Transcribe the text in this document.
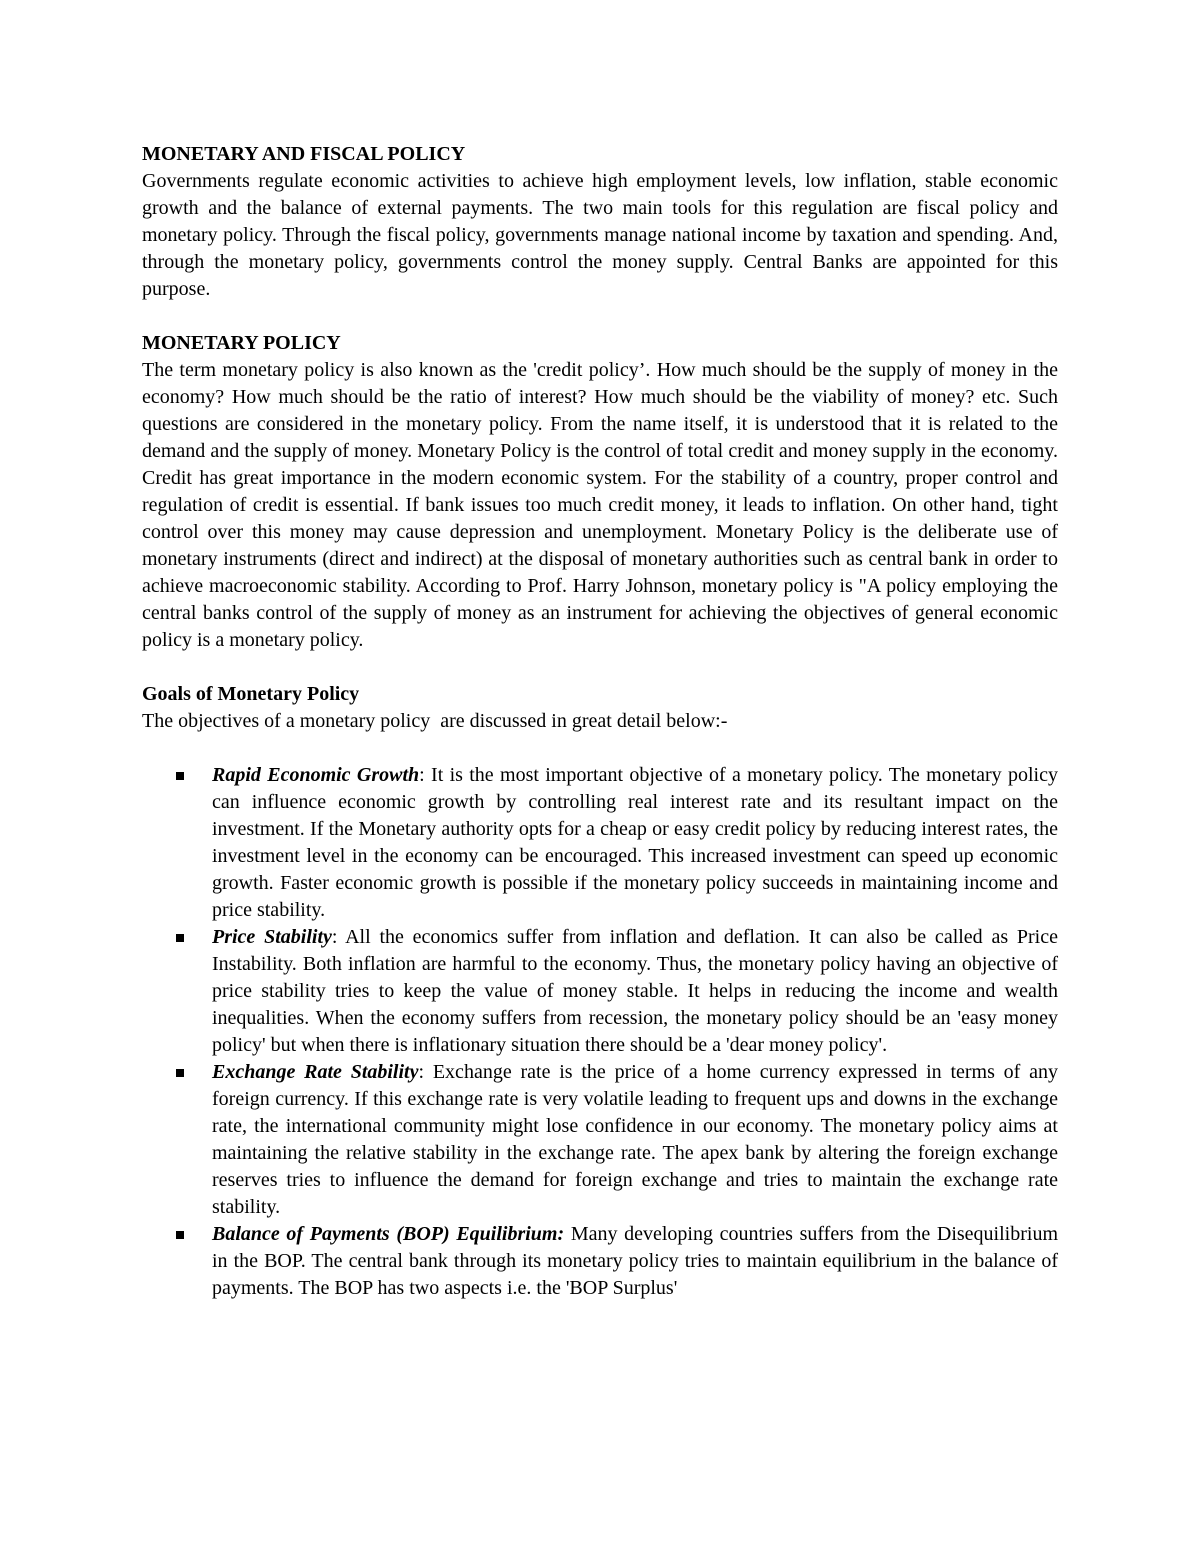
MONETARY AND FISCAL POLICY

Governments regulate economic activities to achieve high employment levels, low inflation, stable economic growth and the balance of external payments. The two main tools for this regulation are fiscal policy and monetary policy. Through the fiscal policy, governments manage national income by taxation and spending. And, through the monetary policy, governments control the money supply. Central Banks are appointed for this purpose.

MONETARY POLICY

The term monetary policy is also known as the 'credit policy’. How much should be the supply of money in the economy? How much should be the ratio of interest? How much should be the viability of money? etc. Such questions are considered in the monetary policy. From the name itself, it is understood that it is related to the demand and the supply of money. Monetary Policy is the control of total credit and money supply in the economy. Credit has great importance in the modern economic system. For the stability of a country, proper control and regulation of credit is essential. If bank issues too much credit money, it leads to inflation. On other hand, tight control over this money may cause depression and unemployment. Monetary Policy is the deliberate use of monetary instruments (direct and indirect) at the disposal of monetary authorities such as central bank in order to achieve macroeconomic stability. According to Prof. Harry Johnson, monetary policy is "A policy employing the central banks control of the supply of money as an instrument for achieving the objectives of general economic policy is a monetary policy.

Goals of Monetary Policy

The objectives of a monetary policy  are discussed in great detail below:-

Rapid Economic Growth: It is the most important objective of a monetary policy. The monetary policy can influence economic growth by controlling real interest rate and its resultant impact on the investment. If the Monetary authority opts for a cheap or easy credit policy by reducing interest rates, the investment level in the economy can be encouraged. This increased investment can speed up economic growth. Faster economic growth is possible if the monetary policy succeeds in maintaining income and price stability.
Price Stability: All the economics suffer from inflation and deflation. It can also be called as Price Instability. Both inflation are harmful to the economy. Thus, the monetary policy having an objective of price stability tries to keep the value of money stable. It helps in reducing the income and wealth inequalities. When the economy suffers from recession, the monetary policy should be an 'easy money policy' but when there is inflationary situation there should be a 'dear money policy'.
Exchange Rate Stability: Exchange rate is the price of a home currency expressed in terms of any foreign currency. If this exchange rate is very volatile leading to frequent ups and downs in the exchange rate, the international community might lose confidence in our economy. The monetary policy aims at maintaining the relative stability in the exchange rate. The apex bank by altering the foreign exchange reserves tries to influence the demand for foreign exchange and tries to maintain the exchange rate stability.
Balance of Payments (BOP) Equilibrium: Many developing countries suffers from the Disequilibrium in the BOP. The central bank through its monetary policy tries to maintain equilibrium in the balance of payments. The BOP has two aspects i.e. the 'BOP Surplus'
